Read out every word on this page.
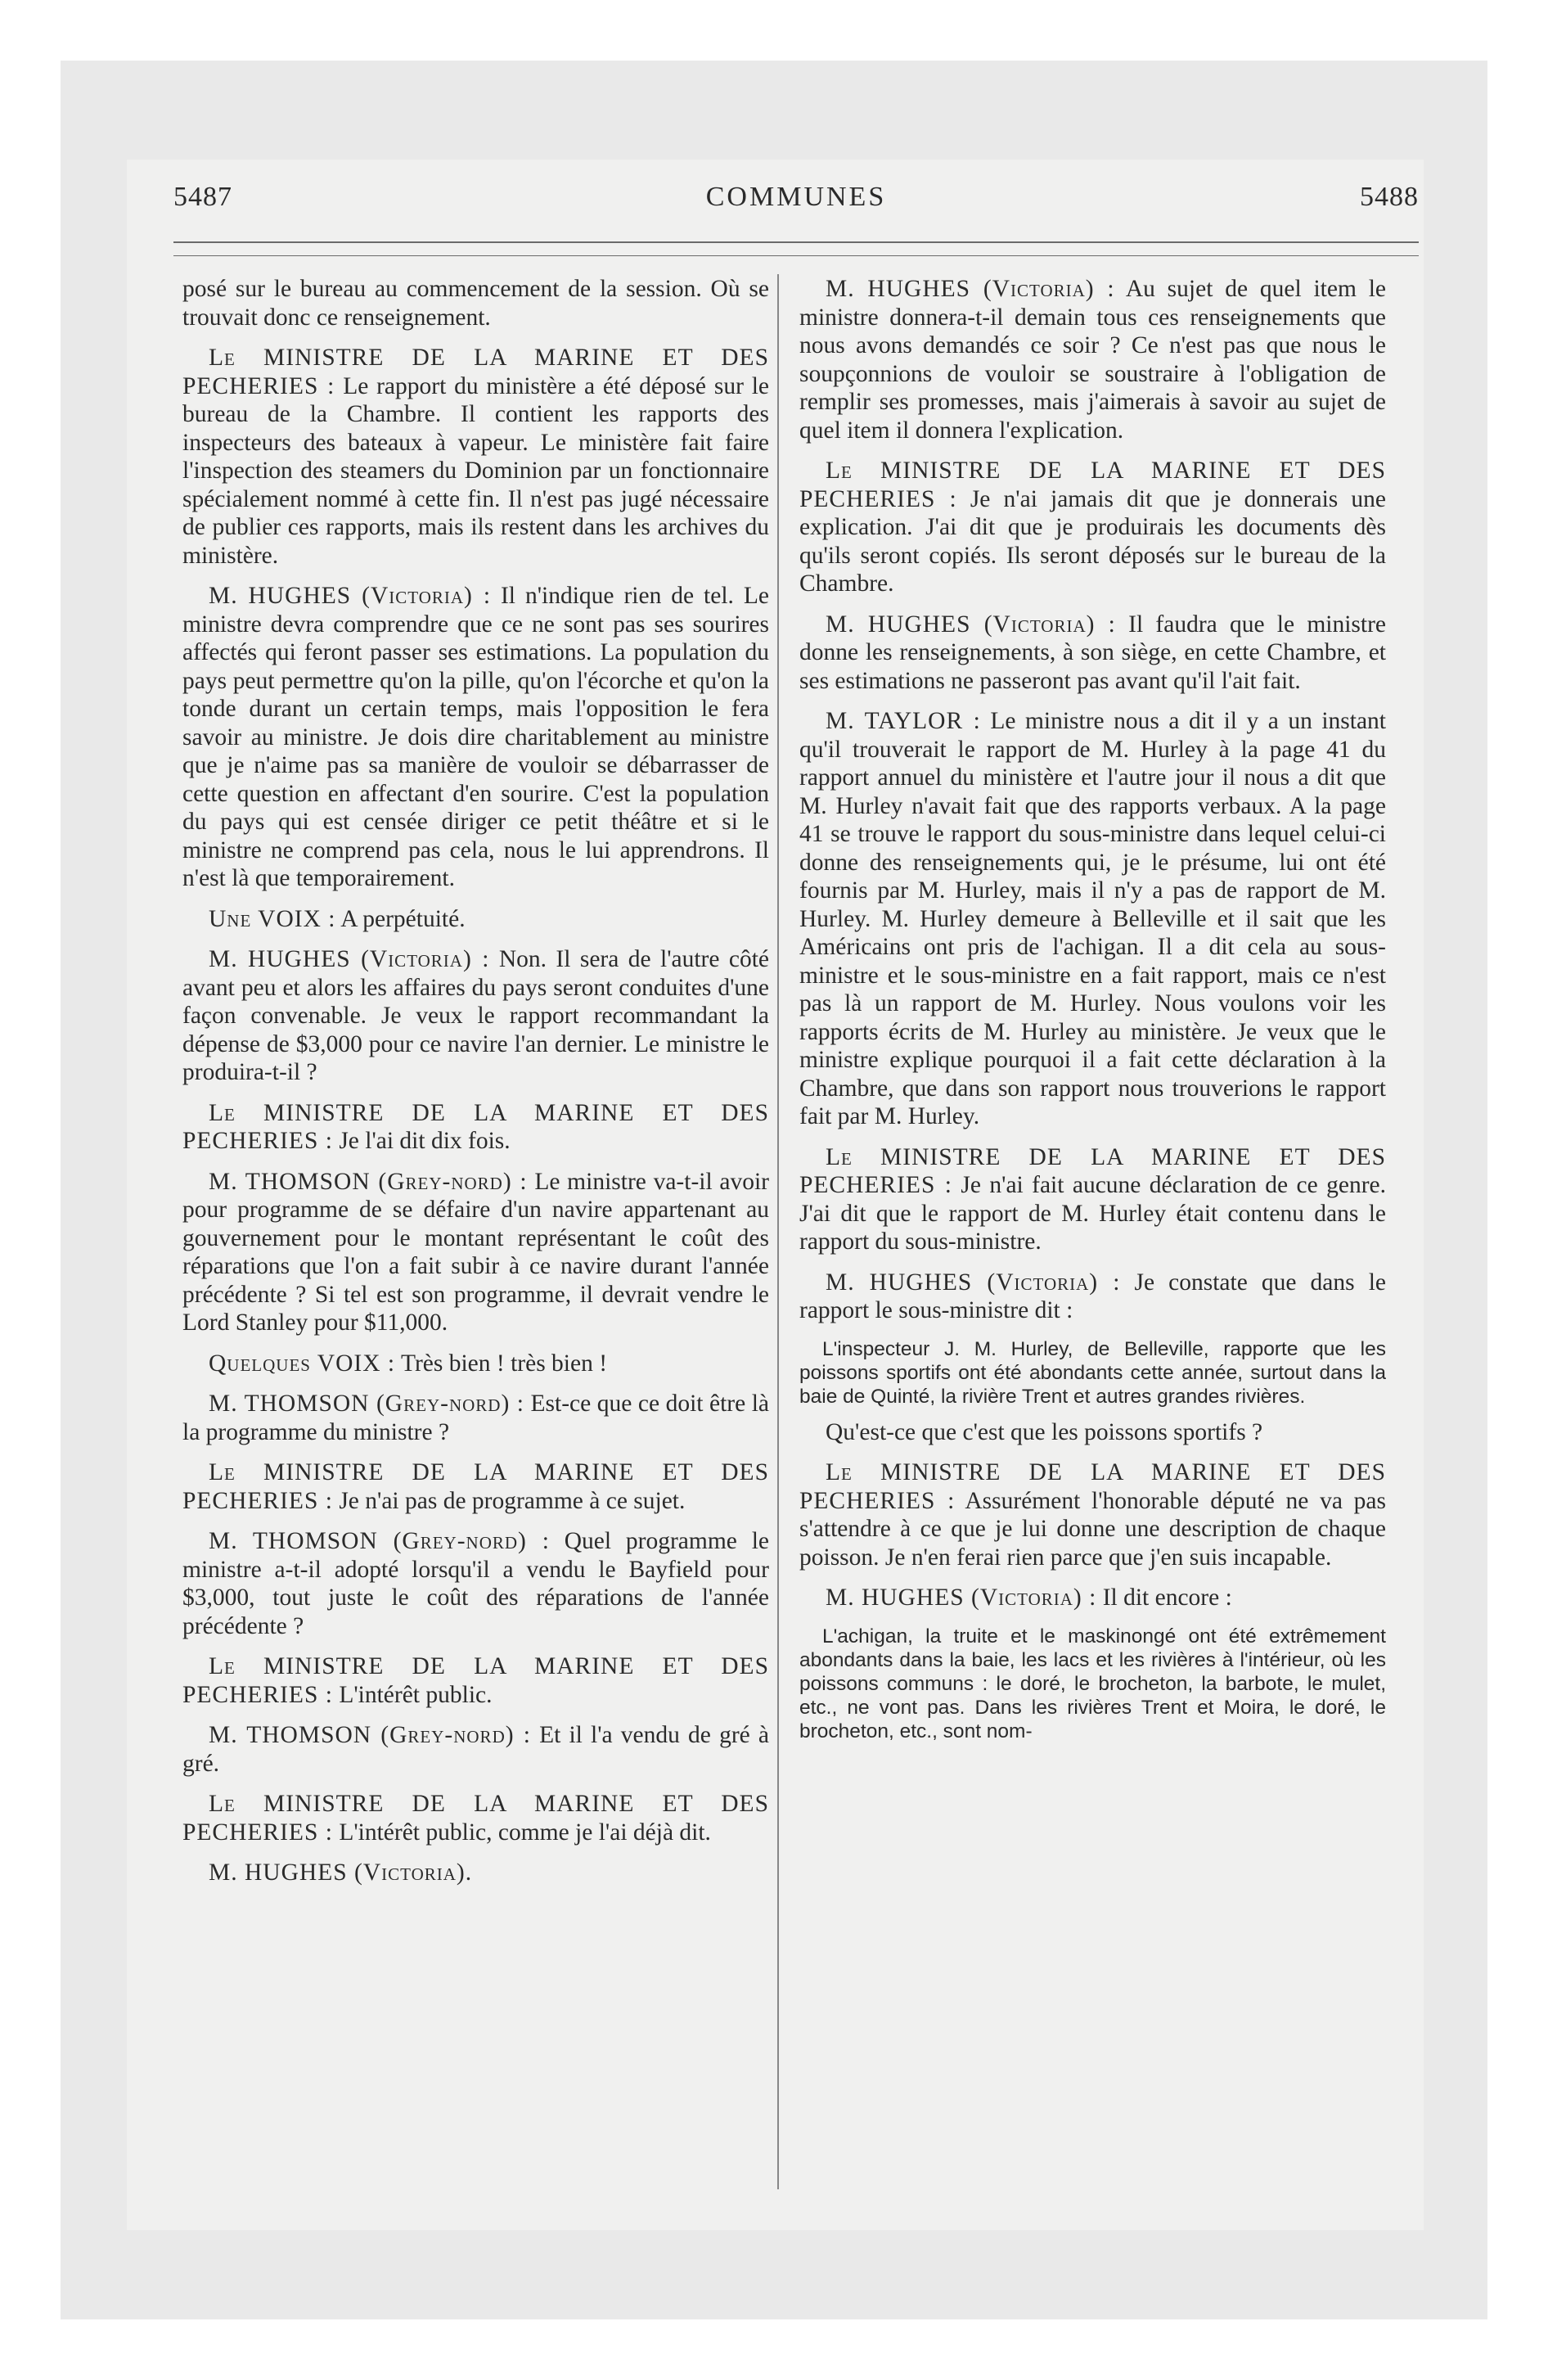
5487	COMMUNES	5488

posé sur le bureau au commencement de la session. Où se trouvait donc ce renseignement.

Le MINISTRE DE LA MARINE ET DES PECHERIES : Le rapport du ministère a été déposé sur le bureau de la Chambre. Il contient les rapports des inspecteurs des bateaux à vapeur. Le ministère fait faire l'inspection des steamers du Dominion par un fonctionnaire spécialement nommé à cette fin. Il n'est pas jugé nécessaire de publier ces rapports, mais ils restent dans les archives du ministère.

M. HUGHES (Victoria) : Il n'indique rien de tel. Le ministre devra comprendre que ce ne sont pas ses sourires affectés qui feront passer ses estimations. La population du pays peut permettre qu'on la pille, qu'on l'écorche et qu'on la tonde durant un certain temps, mais l'opposition le fera savoir au ministre. Je dois dire charitablement au ministre que je n'aime pas sa manière de vouloir se débarrasser de cette question en affectant d'en sourire. C'est la population du pays qui est censée diriger ce petit théâtre et si le ministre ne comprend pas cela, nous le lui apprendrons. Il n'est là que temporairement.

Une VOIX : A perpétuité.

M. HUGHES (Victoria) : Non. Il sera de l'autre côté avant peu et alors les affaires du pays seront conduites d'une façon convenable. Je veux le rapport recommandant la dépense de $3,000 pour ce navire l'an dernier. Le ministre le produira-t-il ?

Le MINISTRE DE LA MARINE ET DES PECHERIES : Je l'ai dit dix fois.

M. THOMSON (Grey-nord) : Le ministre va-t-il avoir pour programme de se défaire d'un navire appartenant au gouvernement pour le montant représentant le coût des réparations que l'on a fait subir à ce navire durant l'année précédente ? Si tel est son programme, il devrait vendre le Lord Stanley pour $11,000.

Quelques VOIX : Très bien ! très bien !

M. THOMSON (Grey-nord) : Est-ce que ce doit être là la programme du ministre ?

Le MINISTRE DE LA MARINE ET DES PECHERIES : Je n'ai pas de programme à ce sujet.

M. THOMSON (Grey-nord) : Quel programme le ministre a-t-il adopté lorsqu'il a vendu le Bayfield pour $3,000, tout juste le coût des réparations de l'année précédente ?

Le MINISTRE DE LA MARINE ET DES PECHERIES : L'intérêt public.

M. THOMSON (Grey-nord) : Et il l'a vendu de gré à gré.

Le MINISTRE DE LA MARINE ET DES PECHERIES : L'intérêt public, comme je l'ai déjà dit.

M. HUGHES (Victoria).

M. HUGHES (Victoria) : Au sujet de quel item le ministre donnera-t-il demain tous ces renseignements que nous avons demandés ce soir ? Ce n'est pas que nous le soupçonnions de vouloir se soustraire à l'obligation de remplir ses promesses, mais j'aimerais à savoir au sujet de quel item il donnera l'explication.

Le MINISTRE DE LA MARINE ET DES PECHERIES : Je n'ai jamais dit que je donnerais une explication. J'ai dit que je produirais les documents dès qu'ils seront copiés. Ils seront déposés sur le bureau de la Chambre.

M. HUGHES (Victoria) : Il faudra que le ministre donne les renseignements, à son siège, en cette Chambre, et ses estimations ne passeront pas avant qu'il l'ait fait.

M. TAYLOR : Le ministre nous a dit il y a un instant qu'il trouverait le rapport de M. Hurley à la page 41 du rapport annuel du ministère et l'autre jour il nous a dit que M. Hurley n'avait fait que des rapports verbaux. A la page 41 se trouve le rapport du sous-ministre dans lequel celui-ci donne des renseignements qui, je le présume, lui ont été fournis par M. Hurley, mais il n'y a pas de rapport de M. Hurley. M. Hurley demeure à Belleville et il sait que les Américains ont pris de l'achigan. Il a dit cela au sous-ministre et le sous-ministre en a fait rapport, mais ce n'est pas là un rapport de M. Hurley. Nous voulons voir les rapports écrits de M. Hurley au ministère. Je veux que le ministre explique pourquoi il a fait cette déclaration à la Chambre, que dans son rapport nous trouverions le rapport fait par M. Hurley.

Le MINISTRE DE LA MARINE ET DES PECHERIES : Je n'ai fait aucune déclaration de ce genre. J'ai dit que le rapport de M. Hurley était contenu dans le rapport du sous-ministre.

M. HUGHES (Victoria) : Je constate que dans le rapport le sous-ministre dit :

L'inspecteur J. M. Hurley, de Belleville, rapporte que les poissons sportifs ont été abondants cette année, surtout dans la baie de Quinté, la rivière Trent et autres grandes rivières.

Qu'est-ce que c'est que les poissons sportifs ?

Le MINISTRE DE LA MARINE ET DES PECHERIES : Assurément l'honorable député ne va pas s'attendre à ce que je lui donne une description de chaque poisson. Je n'en ferai rien parce que j'en suis incapable.

M. HUGHES (Victoria) : Il dit encore :

L'achigan, la truite et le maskinongé ont été extrêmement abondants dans la baie, les lacs et les rivières à l'intérieur, où les poissons communs : le doré, le brocheton, la barbote, le mulet, etc., ne vont pas. Dans les rivières Trent et Moira, le doré, le brocheton, etc., sont nom-
